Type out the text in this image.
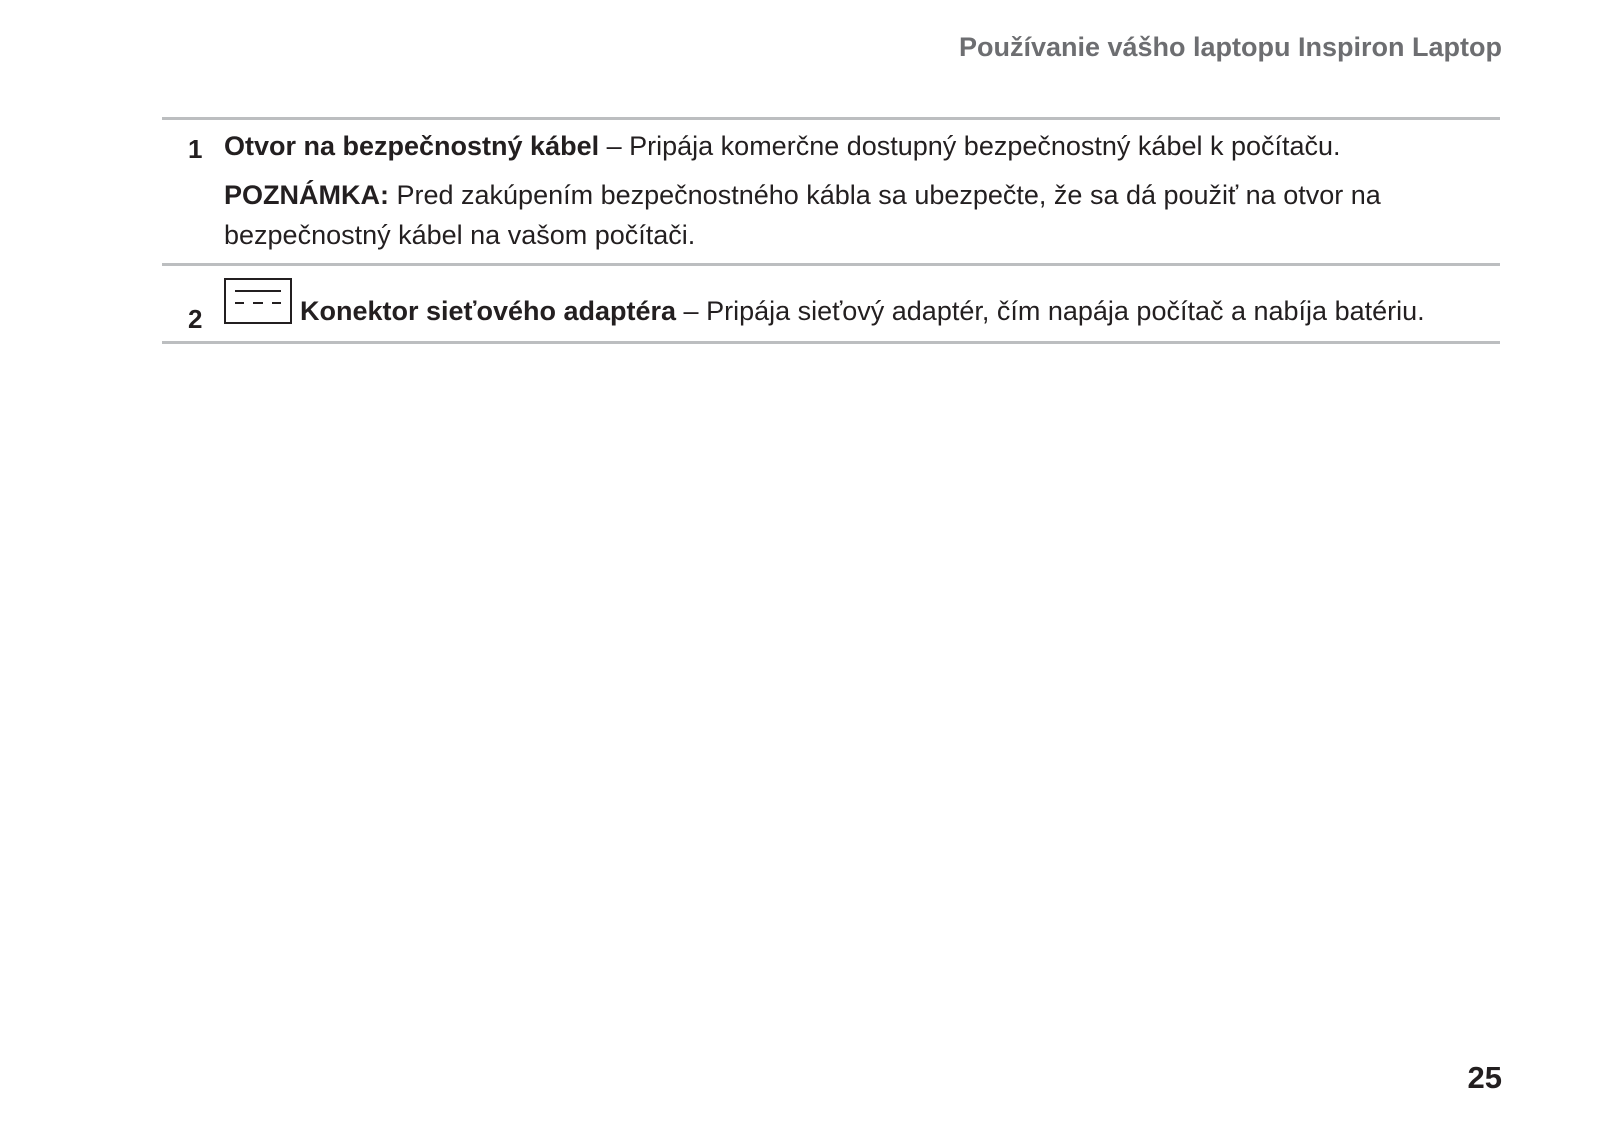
Používanie vášho laptopu Inspiron Laptop
1 Otvor na bezpečnostný kábel – Pripája komerčne dostupný bezpečnostný kábel k počítaču.

POZNÁMKA: Pred zakúpením bezpečnostného kábla sa ubezpečte, že sa dá použiť na otvor na bezpečnostný kábel na vašom počítači.

2	Konektor sieťového adaptéra – Pripája sieťový adaptér, čím napája počítač a nabíja batériu.

25
